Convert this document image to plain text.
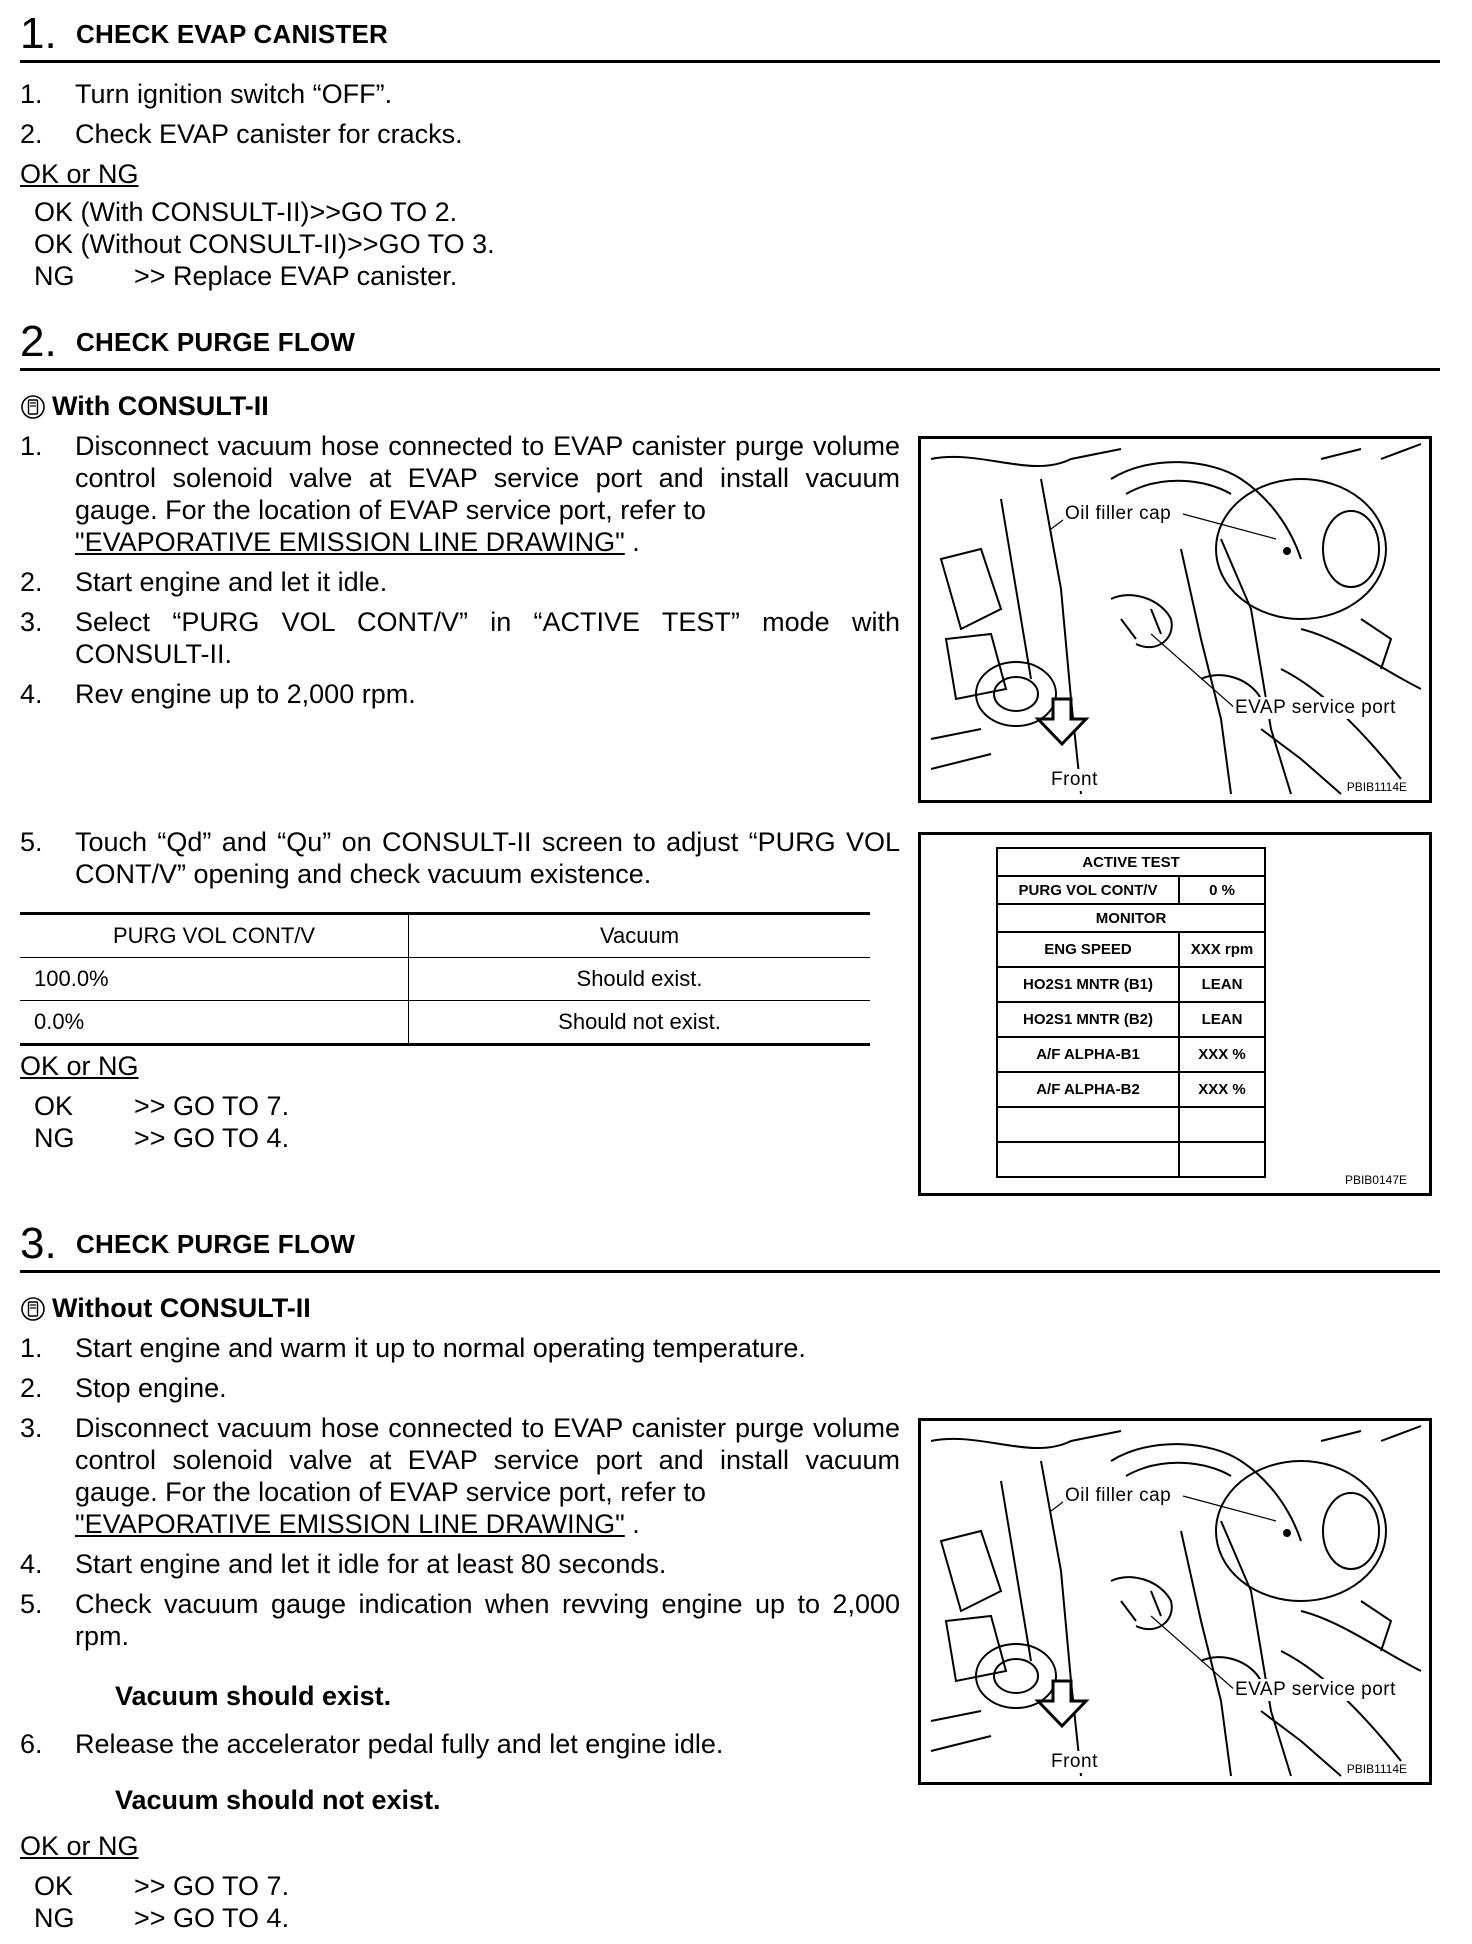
1. CHECK EVAP CANISTER
1. Turn ignition switch “OFF”.
2. Check EVAP canister for cracks.
OK or NG
OK (With CONSULT-II)>>GO TO 2.
OK (Without CONSULT-II)>>GO TO 3.
NG >> Replace EVAP canister.
2. CHECK PURGE FLOW
With CONSULT-II
1. Disconnect vacuum hose connected to EVAP canister purge volume control solenoid valve at EVAP service port and install vacuum gauge. For the location of EVAP service port, refer to
"EVAPORATIVE EMISSION LINE DRAWING" .
2. Start engine and let it idle.
3. Select “PURG VOL CONT/V” in “ACTIVE TEST” mode with CONSULT-II.
4. Rev engine up to 2,000 rpm.
5. Touch “Qd” and “Qu” on CONSULT-II screen to adjust “PURG VOL CONT/V” opening and check vacuum existence.
PURG VOL CONT/V	Vacuum
100.0%	Should exist.
0.0%	Should not exist.
OK or NG
OK >> GO TO 7.
NG >> GO TO 4.
Oil filler cap
EVAP service port
Front	PBIB1114E
ACTIVE TEST	
PURG VOL CONT/V	0 %
MONITOR	
ENG SPEED	XXX rpm
HO2S1 MNTR (B1)	LEAN
HO2S1 MNTR (B2)	LEAN
A/F ALPHA-B1	XXX %
A/F ALPHA-B2	XXX %

PBIB0147E
3. CHECK PURGE FLOW
Without CONSULT-II
1. Start engine and warm it up to normal operating temperature.
2. Stop engine.
3. Disconnect vacuum hose connected to EVAP canister purge volume control solenoid valve at EVAP service port and install vacuum gauge. For the location of EVAP service port, refer to
"EVAPORATIVE EMISSION LINE DRAWING" .
4. Start engine and let it idle for at least 80 seconds.
5. Check vacuum gauge indication when revving engine up to 2,000 rpm.
Vacuum should exist.
6. Release the accelerator pedal fully and let engine idle.
Vacuum should not exist.
OK or NG
OK >> GO TO 7.
NG >> GO TO 4.
Oil filler cap
EVAP service port
Front	PBIB1114E
